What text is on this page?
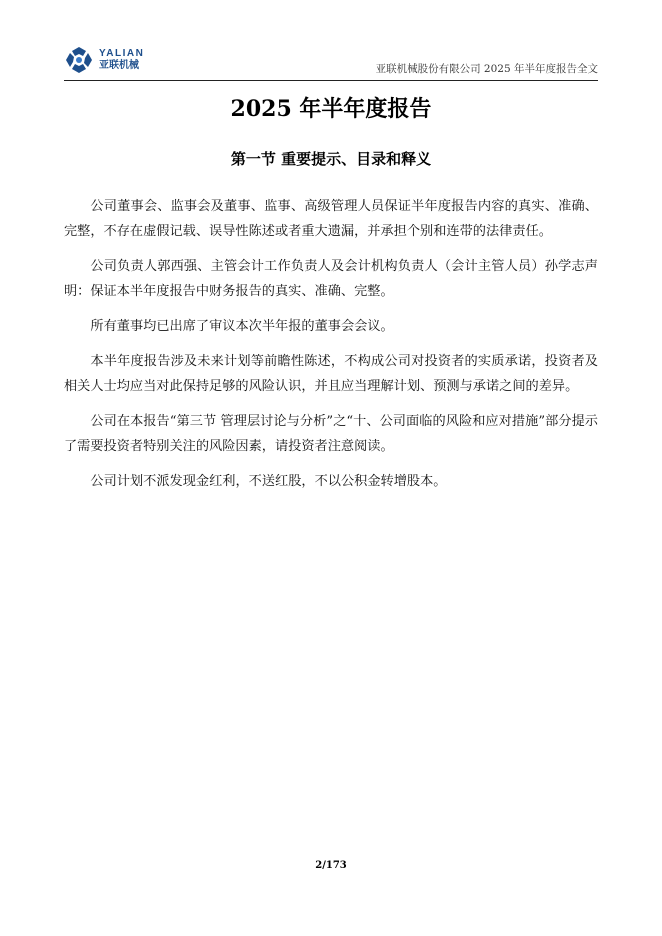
YALIAN
亚联机械	亚联机械股份有限公司 2025 年半年度报告全文
2025 年半年度报告
第一节 重要提示、目录和释义

公司董事会、监事会及董事、监事、高级管理人员保证半年度报告内容的真实、准确、完整，不存在虚假记载、误导性陈述或者重大遗漏，并承担个别和连带的法律责任。

公司负责人郭西强、主管会计工作负责人及会计机构负责人（会计主管人员）孙学志声明：保证本半年度报告中财务报告的真实、准确、完整。

所有董事均已出席了审议本次半年报的董事会会议。

本半年度报告涉及未来计划等前瞻性陈述，不构成公司对投资者的实质承诺，投资者及相关人士均应当对此保持足够的风险认识，并且应当理解计划、预测与承诺之间的差异。

公司在本报告“第三节 管理层讨论与分析”之“十、公司面临的风险和应对措施”部分提示了需要投资者特别关注的风险因素，请投资者注意阅读。

公司计划不派发现金红利，不送红股，不以公积金转增股本。

2/173
